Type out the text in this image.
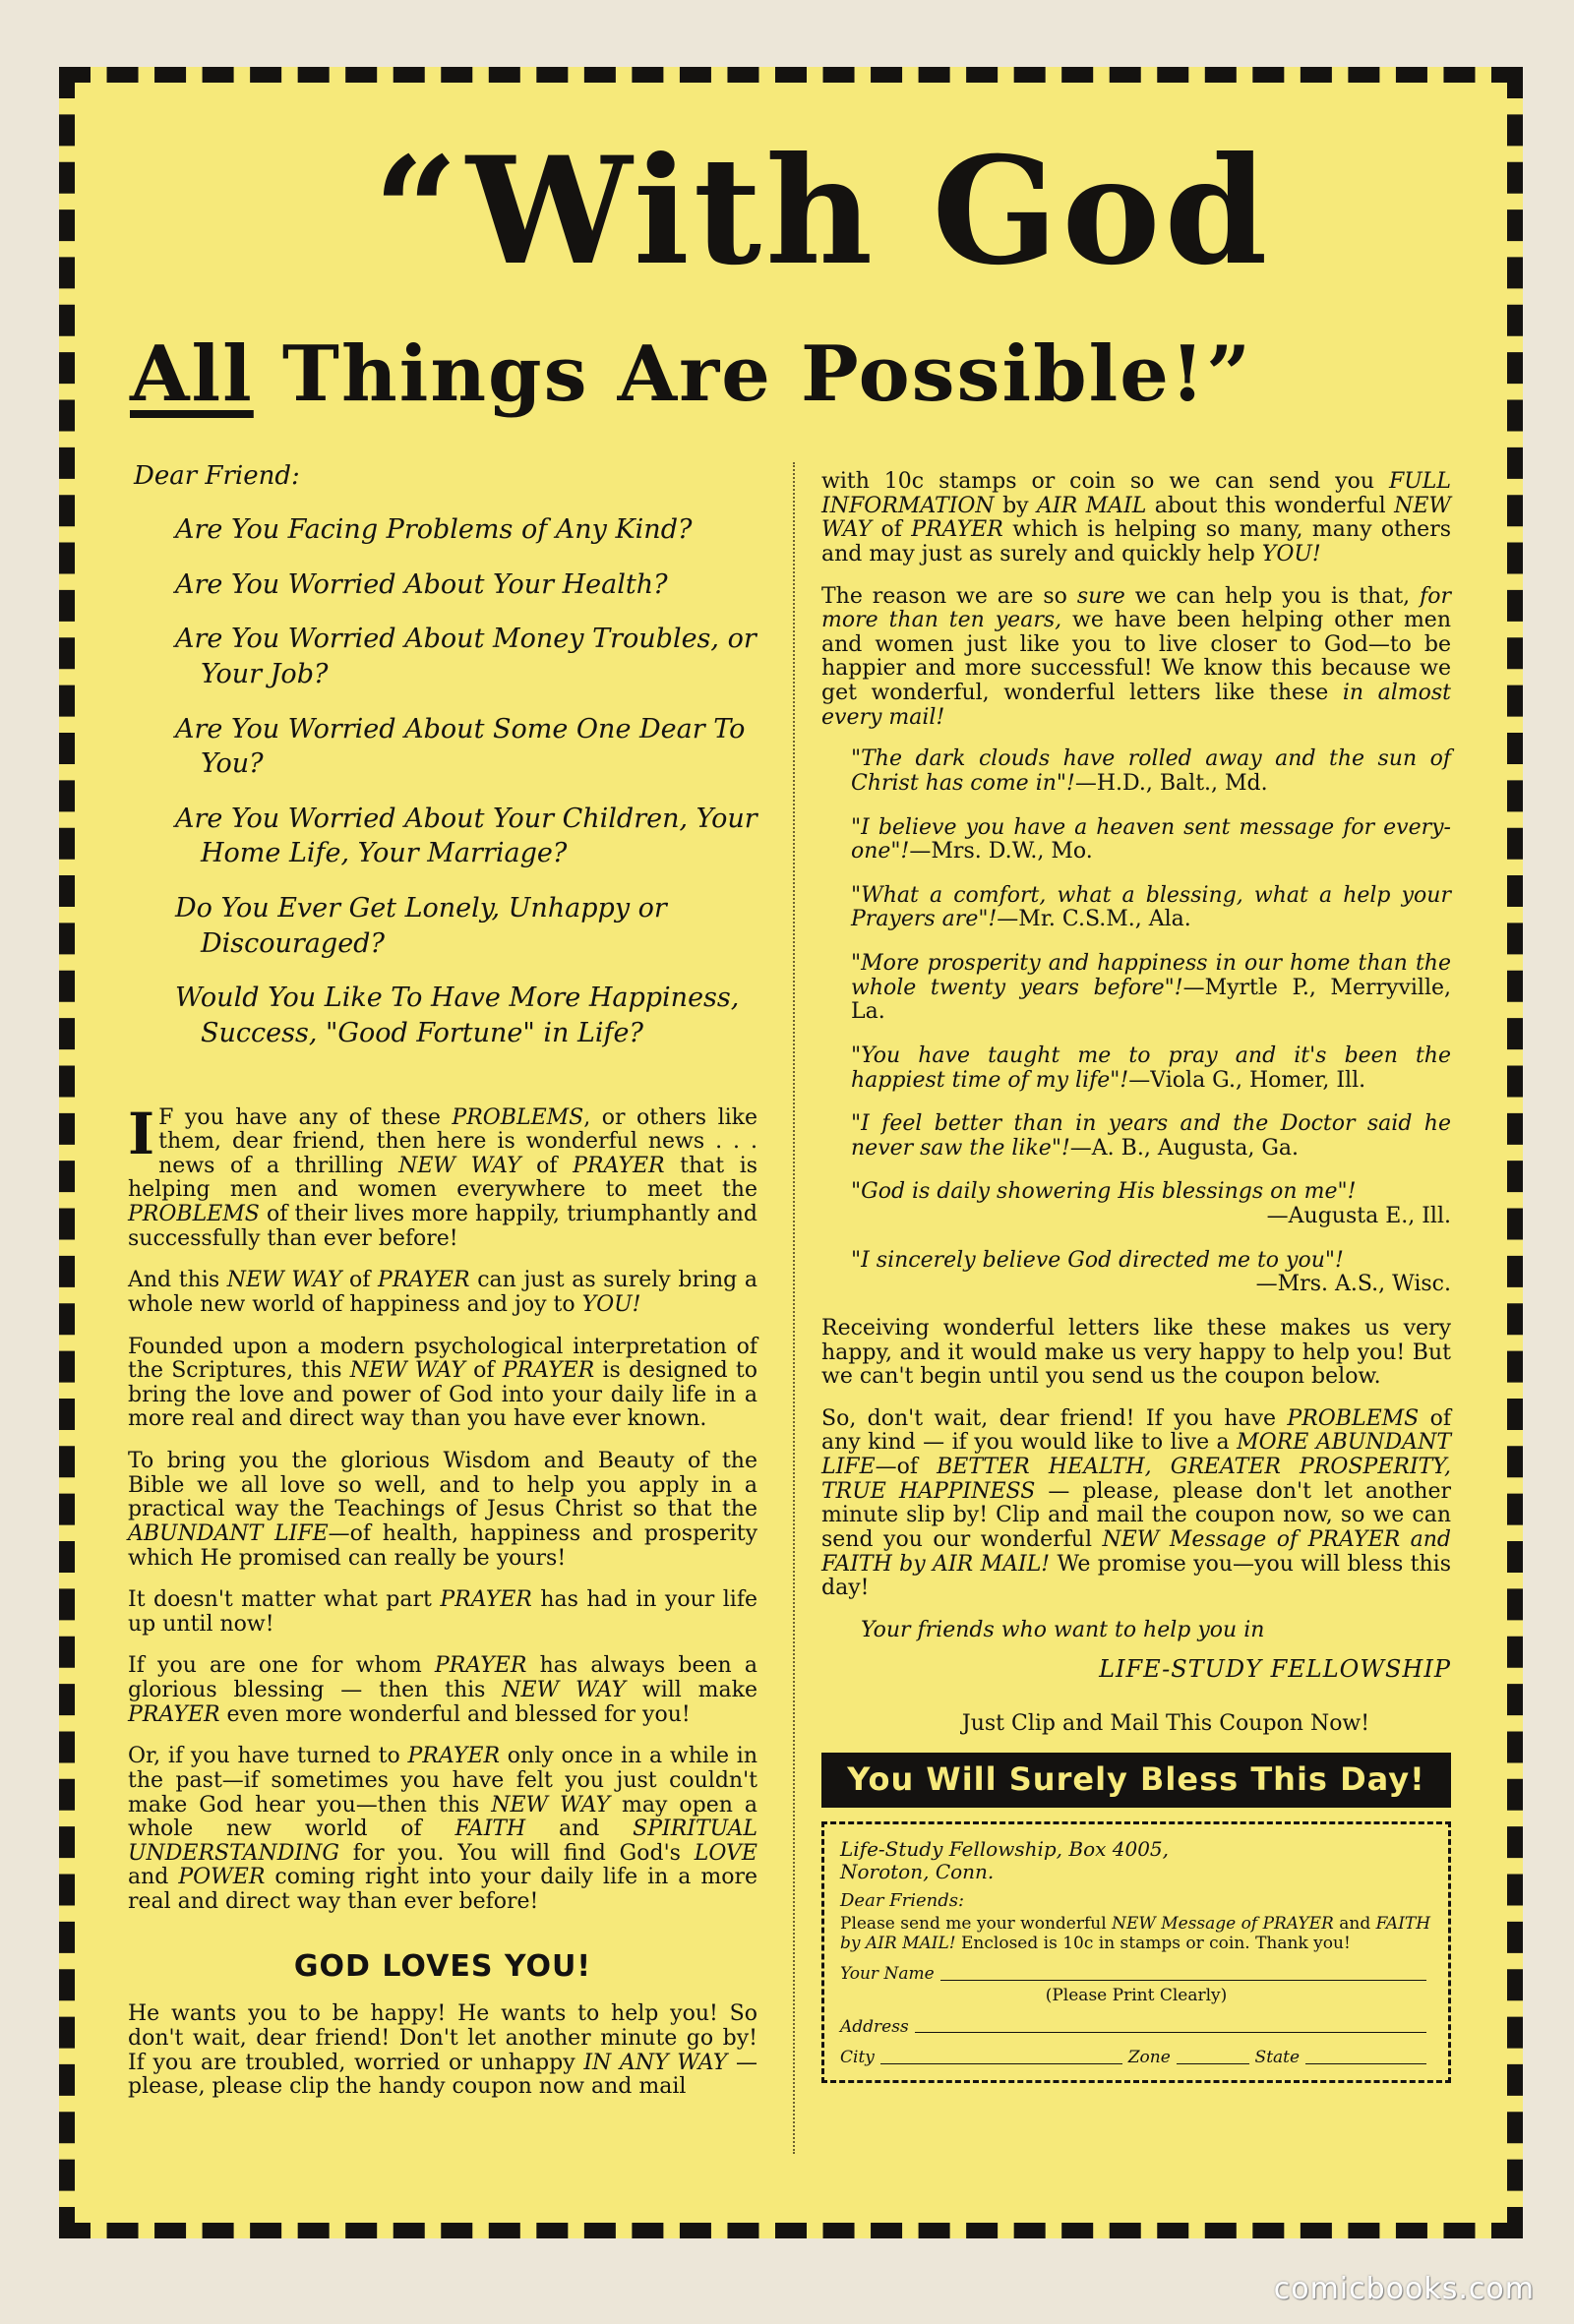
“With God
All Things Are Possible!”
Dear Friend:
Are You Facing Problems of Any Kind?
Are You Worried About Your Health?
Are You Worried About Money Troubles, or Your Job?
Are You Worried About Some One Dear To You?
Are You Worried About Your Children, Your Home Life, Your Marriage?
Do You Ever Get Lonely, Unhappy or Discouraged?
Would You Like To Have More Happiness, Success, "Good Fortune" in Life?
I F you have any of these PROBLEMS, or others like them, dear friend, then here is wonderful news . . . news of a thrilling NEW WAY of PRAYER that is helping men and women everywhere to meet the PROBLEMS of their lives more happily, triumphantly and successfully than ever before!
And this NEW WAY of PRAYER can just as surely bring a whole new world of happiness and joy to YOU!
Founded upon a modern psychological interpretation of the Scriptures, this NEW WAY of PRAYER is designed to bring the love and power of God into your daily life in a more real and direct way than you have ever known.
To bring you the glorious Wisdom and Beauty of the Bible we all love so well, and to help you apply in a practical way the Teachings of Jesus Christ so that the ABUNDANT LIFE—of health, happiness and prosperity which He promised can really be yours!
It doesn't matter what part PRAYER has had in your life up until now!
If you are one for whom PRAYER has always been a glorious blessing — then this NEW WAY will make PRAYER even more wonderful and blessed for you!
Or, if you have turned to PRAYER only once in a while in the past—if sometimes you have felt you just couldn't make God hear you—then this NEW WAY may open a whole new world of FAITH and SPIRITUAL UNDERSTANDING for you. You will find God's LOVE and POWER coming right into your daily life in a more real and direct way than ever before!
GOD LOVES YOU!
He wants you to be happy! He wants to help you! So don't wait, dear friend! Don't let another minute go by! If you are troubled, worried or unhappy IN ANY WAY —please, please clip the handy coupon now and mail
with 10c stamps or coin so we can send you FULL INFORMATION by AIR MAIL about this wonderful NEW WAY of PRAYER which is helping so many, many others and may just as surely and quickly help YOU!
The reason we are so sure we can help you is that, for more than ten years, we have been helping other men and women just like you to live closer to God—to be happier and more successful! We know this because we get wonderful, wonderful letters like these in almost every mail!
"The dark clouds have rolled away and the sun of Christ has come in"!—H.D., Balt., Md.
"I believe you have a heaven sent message for every-one"!—Mrs. D.W., Mo.
"What a comfort, what a blessing, what a help your Prayers are"!—Mr. C.S.M., Ala.
"More prosperity and happiness in our home than the whole twenty years before"!—Myrtle P., Merryville, La.
"You have taught me to pray and it's been the happiest time of my life"!—Viola G., Homer, Ill.
"I feel better than in years and the Doctor said he never saw the like"!—A. B., Augusta, Ga.
"God is daily showering His blessings on me"!
—Augusta E., Ill.
"I sincerely believe God directed me to you"!
—Mrs. A.S., Wisc.
Receiving wonderful letters like these makes us very happy, and it would make us very happy to help you! But we can't begin until you send us the coupon below.
So, don't wait, dear friend! If you have PROBLEMS of any kind — if you would like to live a MORE ABUNDANT LIFE—of BETTER HEALTH, GREATER PROSPERITY, TRUE HAPPINESS — please, please don't let another minute slip by! Clip and mail the coupon now, so we can send you our wonderful NEW Message of PRAYER and FAITH by AIR MAIL! We promise you—you will bless this day!
Your friends who want to help you in
LIFE-STUDY FELLOWSHIP
Just Clip and Mail This Coupon Now!
You Will Surely Bless This Day!
Life-Study Fellowship, Box 4005,
Noroton, Conn.
Dear Friends:
Please send me your wonderful NEW Message of PRAYER and FAITH by AIR MAIL! Enclosed is 10c in stamps or coin. Thank you!
Your Name
(Please Print Clearly)
Address
City	Zone	State
comicbooks.com
